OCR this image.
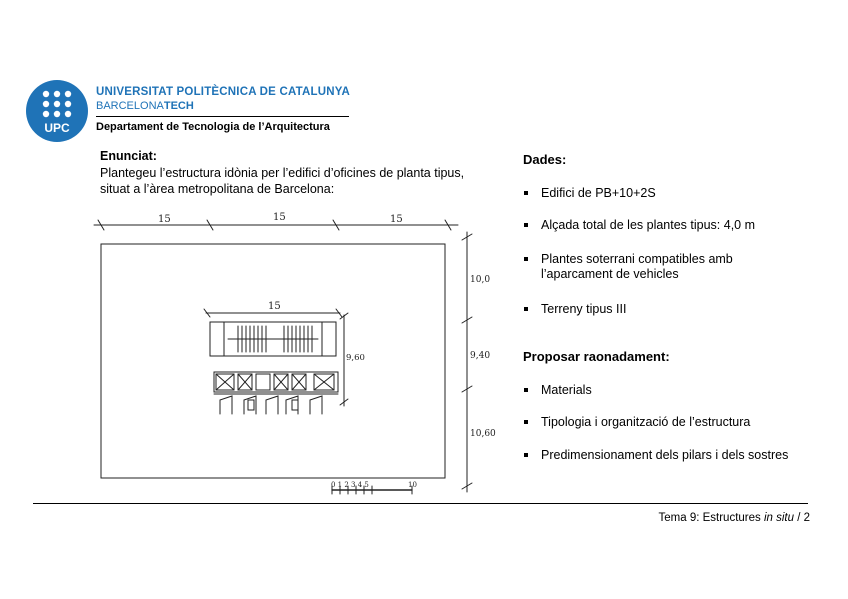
UPC
UNIVERSITAT POLITÈCNICA DE CATALUNYA
BARCELONATECH
Departament de Tecnologia de l’Arquitectura
Enunciat:
Plantegeu l’estructura idònia per l’edifici d’oficines de planta tipus, situat a l’àrea metropolitana de Barcelona:
15	15	15
10,0
9,40
10,60
15
9,60
0 1 2 3 4 5	10
Dades:
Edifici de PB+10+2S
Alçada total de les plantes tipus: 4,0 m
Plantes soterrani compatibles amb l’aparcament de vehicles
Terreny tipus III
Proposar raonadament:
Materials
Tipologia i organització de l’estructura
Predimensionament dels pilars i dels sostres
Tema 9: Estructures in situ / 2
